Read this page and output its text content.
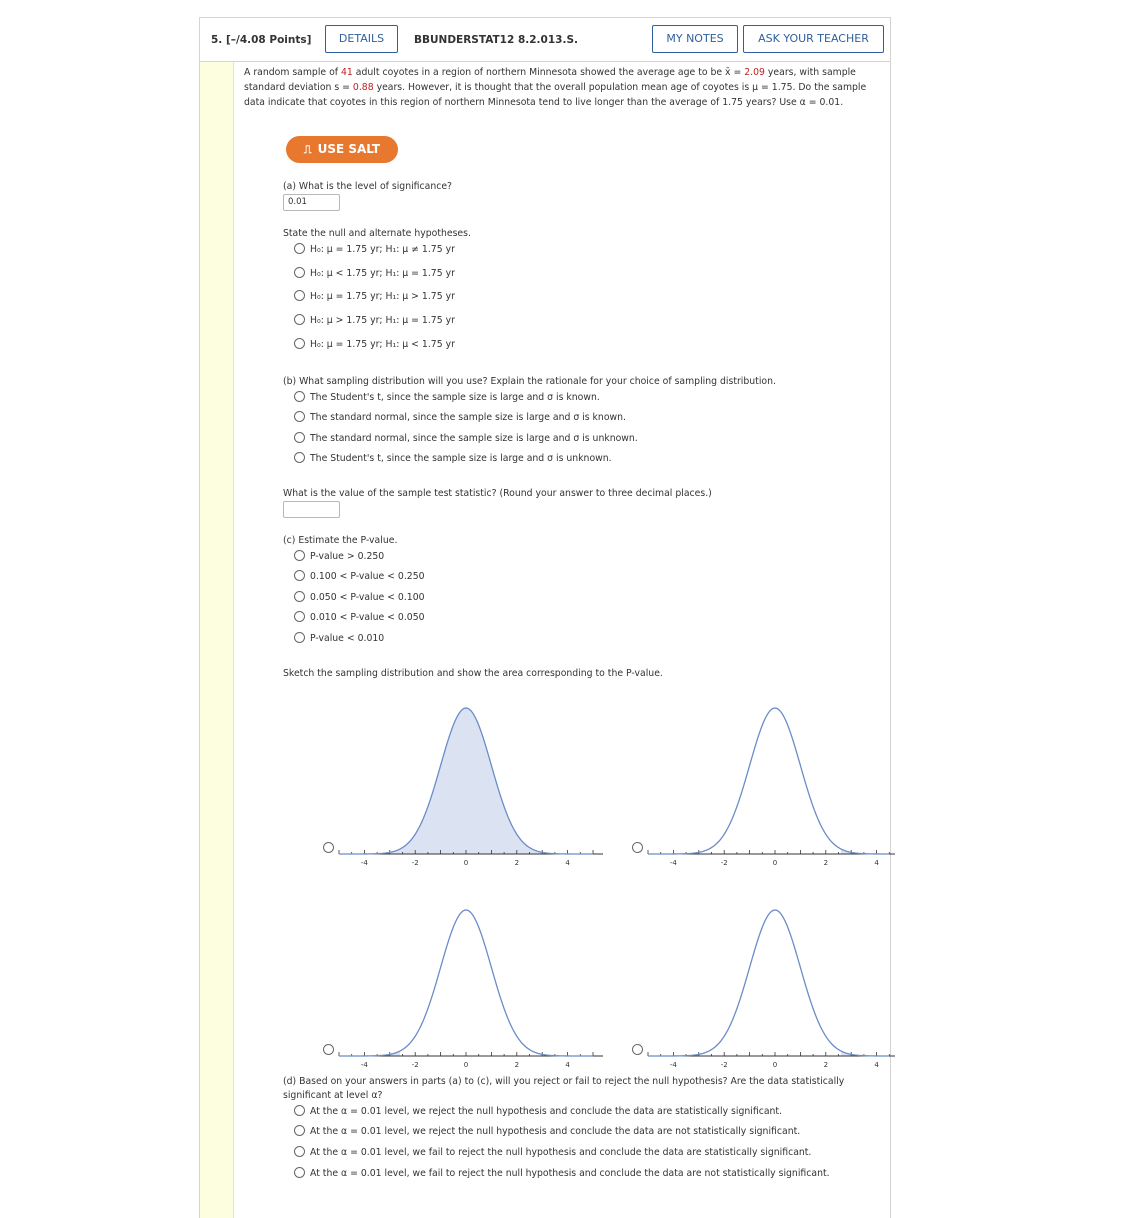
5. [–/4.08 Points]	DETAILS	BBUNDERSTAT12 8.2.013.S.	MY NOTES	ASK YOUR TEACHER
A random sample of 41 adult coyotes in a region of northern Minnesota showed the average age to be x̄ = 2.09 years, with sample standard deviation s = 0.88 years. However, it is thought that the overall population mean age of coyotes is μ = 1.75. Do the sample data indicate that coyotes in this region of northern Minnesota tend to live longer than the average of 1.75 years? Use α = 0.01.
⎍ USE SALT
(a) What is the level of significance?
0.01
State the null and alternate hypotheses.
H₀: μ = 1.75 yr; H₁: μ ≠ 1.75 yr
H₀: μ < 1.75 yr; H₁: μ = 1.75 yr
H₀: μ = 1.75 yr; H₁: μ > 1.75 yr
H₀: μ > 1.75 yr; H₁: μ = 1.75 yr
H₀: μ = 1.75 yr; H₁: μ < 1.75 yr
(b) What sampling distribution will you use? Explain the rationale for your choice of sampling distribution.
The Student's t, since the sample size is large and σ is known.
The standard normal, since the sample size is large and σ is known.
The standard normal, since the sample size is large and σ is unknown.
The Student's t, since the sample size is large and σ is unknown.
What is the value of the sample test statistic? (Round your answer to three decimal places.)
(c) Estimate the P-value.
P-value > 0.250
0.100 < P-value < 0.250
0.050 < P-value < 0.100
0.010 < P-value < 0.050
P-value < 0.010
Sketch the sampling distribution and show the area corresponding to the P-value.
-4	-2	0	2	4	-4	-2	0	2	4
-4	-2	0	2	4	-4	-2	0	2	4
(d) Based on your answers in parts (a) to (c), will you reject or fail to reject the null hypothesis? Are the data statistically
significant at level α?
At the α = 0.01 level, we reject the null hypothesis and conclude the data are statistically significant.
At the α = 0.01 level, we reject the null hypothesis and conclude the data are not statistically significant.
At the α = 0.01 level, we fail to reject the null hypothesis and conclude the data are statistically significant.
At the α = 0.01 level, we fail to reject the null hypothesis and conclude the data are not statistically significant.
